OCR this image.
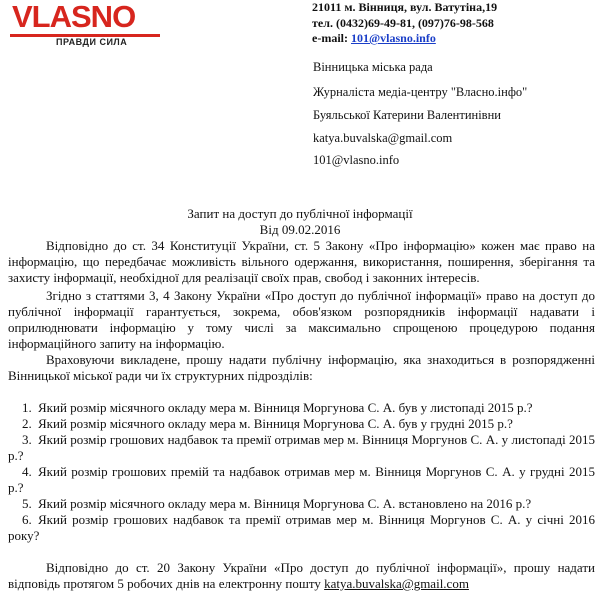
VLASNO
ПРАВДИ СИЛА
21011 м. Вінниця, вул. Ватутіна,19
тел. (0432)69-49-81, (097)76-98-568
e-mail: 101@vlasno.info
Вінницька міська рада
Журналіста медіа-центру "Власно.інфо"
Буяльської Катерини Валентинівни
katya.buvalska@gmail.com
101@vlasno.info
Запит на доступ до публічної інформації
Від 09.02.2016
Відповідно до ст. 34 Конституції України, ст. 5 Закону «Про інформацію» кожен має право на інформацію, що передбачає можливість вільного одержання, використання, поширення, зберігання та захисту інформації, необхідної для реалізації своїх прав, свобод і законних інтересів.
Згідно з статтями 3, 4 Закону України «Про доступ до публічної інформації» право на доступ до публічної інформації гарантується, зокрема, обов'язком розпорядників інформації надавати і оприлюднювати інформацію у тому числі за максимально спрощеною процедурою подання інформаційного запиту на інформацію.
Враховуючи викладене, прошу надати публічну інформацію, яка знаходиться в розпорядженні Вінницької міської ради чи їх структурних підрозділів:
1. Який розмір місячного окладу мера м. Вінниця Моргунова С. А. був у листопаді 2015 р.?
2. Який розмір місячного окладу мера м. Вінниця Моргунова С. А. був у грудні 2015 р.?
3. Який розмір грошових надбавок та премії отримав мер м. Вінниця Моргунов С. А. у листопаді 2015 р.?
4. Який розмір грошових премій та надбавок отримав мер м. Вінниця Моргунов С. А. у грудні 2015 р.?
5. Який розмір місячного окладу мера м. Вінниця Моргунова С. А. встановлено на 2016 р.?
6. Який розмір грошових надбавок та премії отримав мер м. Вінниця Моргунов С. А. у січні 2016 року?
Відповідно до ст. 20 Закону України «Про доступ до публічної інформації», прошу надати відповідь протягом 5 робочих днів на електронну пошту katya.buvalska@gmail.com
